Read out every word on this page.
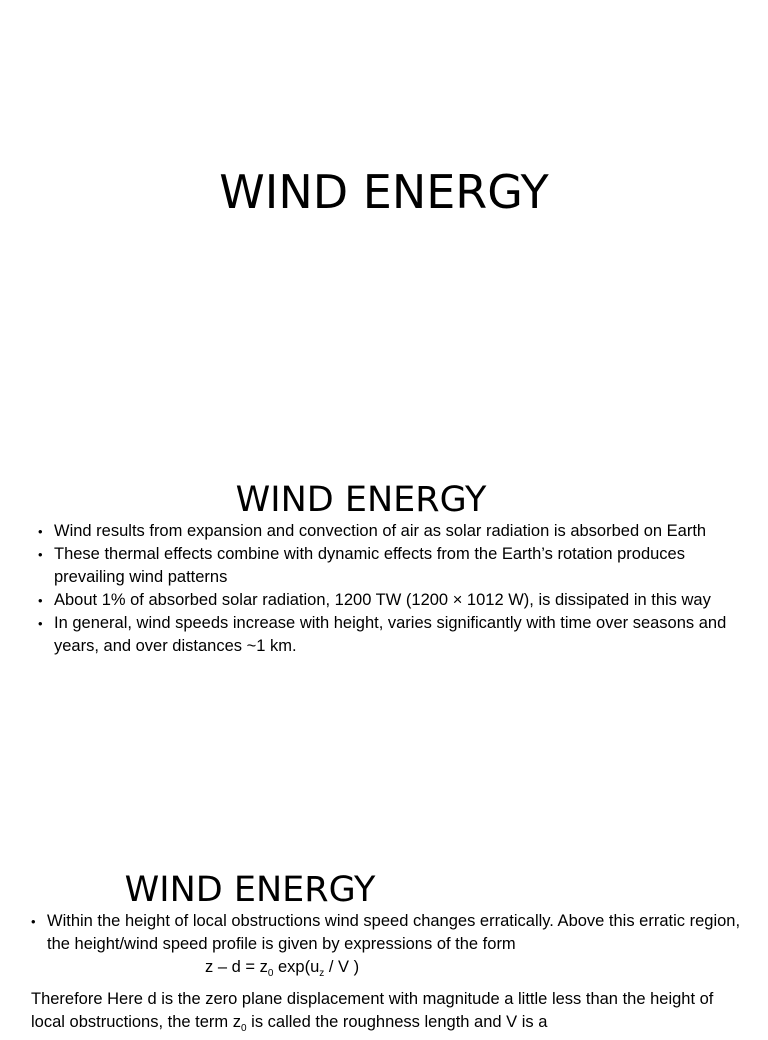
WIND ENERGY
WIND ENERGY
• Wind results from expansion and convection of air as solar radiation is absorbed on Earth
• These thermal effects combine with dynamic effects from the Earth’s rotation produces prevailing wind patterns
• About 1% of absorbed solar radiation, 1200 TW (1200 × 1012 W), is dissipated in this way
• In general, wind speeds increase with height, varies significantly with time over seasons and years, and over distances ~1 km.
WIND ENERGY
• Within the height of local obstructions wind speed changes erratically. Above this erratic region, the height/wind speed profile is given by expressions of the form
$z - d = z_0$ $\exp(u_z$ / V )
Therefore Here d is the zero plane displacement with magnitude a little less than the height of local obstructions, the term $z_0$ is called the roughness length and V is a
